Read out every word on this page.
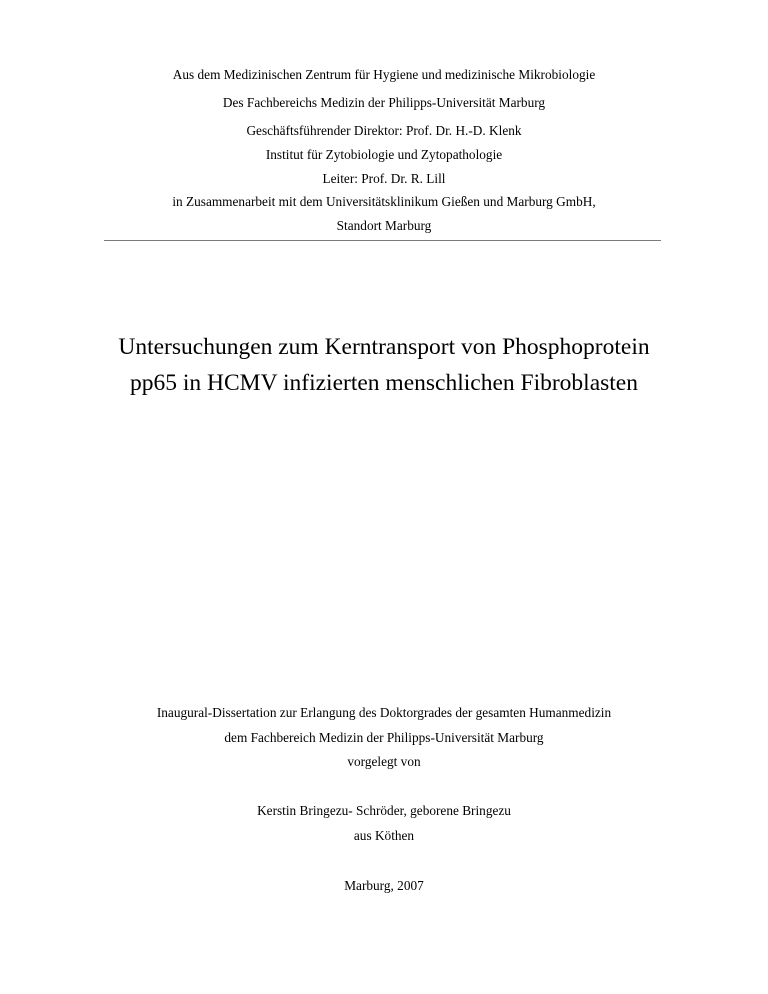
Aus dem Medizinischen Zentrum für Hygiene und medizinische Mikrobiologie
Des Fachbereichs Medizin der Philipps-Universität Marburg
Geschäftsführender Direktor: Prof. Dr. H.-D. Klenk
Institut für Zytobiologie und Zytopathologie
Leiter: Prof. Dr. R. Lill
in Zusammenarbeit mit dem Universitätsklinikum Gießen und Marburg GmbH,
Standort Marburg
Untersuchungen zum Kerntransport von Phosphoprotein
pp65 in HCMV infizierten menschlichen Fibroblasten
Inaugural-Dissertation zur Erlangung des Doktorgrades der gesamten Humanmedizin
dem Fachbereich Medizin der Philipps-Universität Marburg
vorgelegt von
Kerstin Bringezu- Schröder, geborene Bringezu
aus Köthen
Marburg, 2007
